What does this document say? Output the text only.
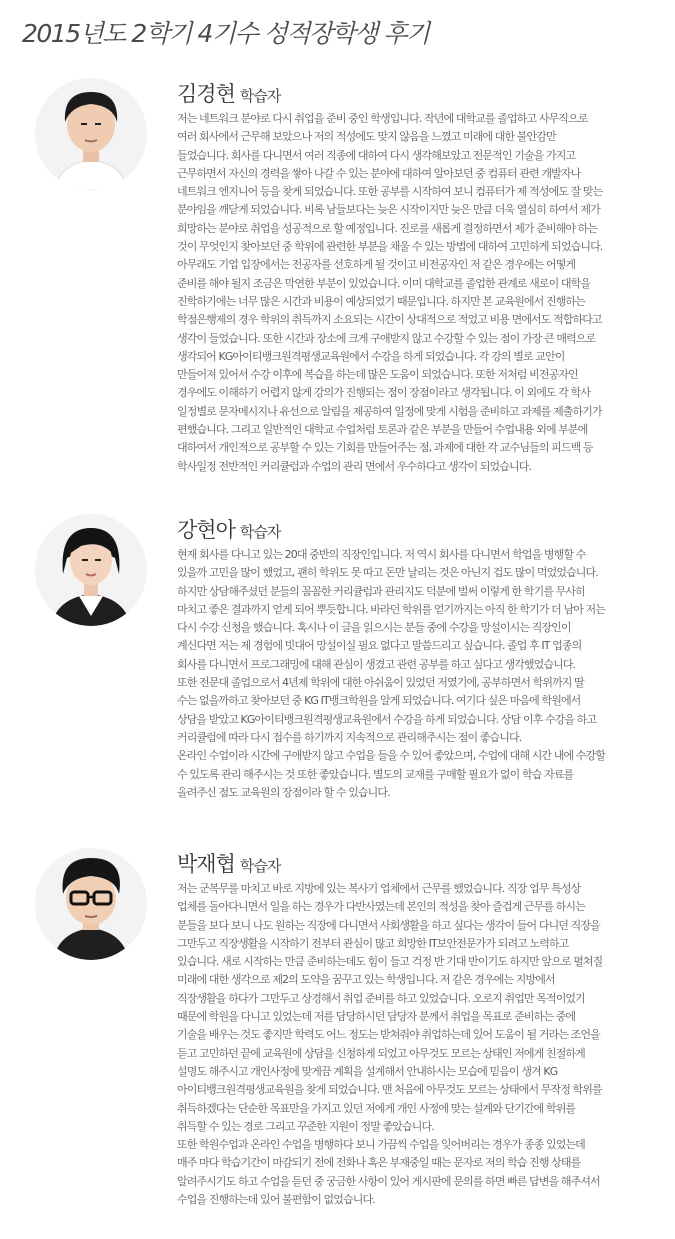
2015년도 2학기 4기수 성적장학생 후기
김경현 학습자

저는 네트워크 분야로 다시 취업을 준비 중인 학생입니다. 작년에 대학교를 졸업하고 사무직으로
여러 회사에서 근무해 보았으나 저의 적성에도 맞지 않음을 느꼈고 미래에 대한 불안감만
들었습니다. 회사를 다니면서 여러 직종에 대하여 다시 생각해보았고 전문적인 기술을 가지고
근무하면서 자신의 경력을 쌓아 나갈 수 있는 분야에 대하여 알아보던 중 컴퓨터 관련 개발자나
네트워크 엔지니어 등을 찾게 되었습니다. 또한 공부를 시작하여 보니 컴퓨터가 제 적성에도 잘 맞는
분야임을 깨닫게 되었습니다. 비록 남들보다는 늦은 시작이지만 늦은 만큼 더욱 열심히 하여서 제가
희망하는 분야로 취업을 성공적으로 할 예정입니다. 진로를 새롭게 결정하면서 제가 준비해야 하는
것이 무엇인지 찾아보던 중 학위에 관련한 부분을 채울 수 있는 방법에 대하여 고민하게 되었습니다.
아무래도 기업 입장에서는 전공자를 선호하게 될 것이고 비전공자인 저 같은 경우에는 어떻게
준비를 해야 될지 조금은 막연한 부분이 있었습니다. 이미 대학교를 졸업한 관계로 새로이 대학을
진학하기에는 너무 많은 시간과 비용이 예상되었기 때문입니다. 하지만 본 교육원에서 진행하는
학점은행제의 경우 학위의 취득까지 소요되는 시간이 상대적으로 적었고 비용 면에서도 적합하다고
생각이 들었습니다. 또한 시간과 장소에 크게 구애받지 않고 수강할 수 있는 점이 가장 큰 매력으로
생각되어 KG아이티뱅크원격평생교육원에서 수강을 하게 되었습니다. 각 강의 별로 교안이
만들어져 있어서 수강 이후에 복습을 하는데 많은 도움이 되었습니다. 또한 저처럼 비전공자인
경우에도 이해하기 어렵지 않게 강의가 진행되는 점이 장점이라고 생각됩니다. 이 외에도 각 학사
일정별로 문자메시지나 유선으로 알림을 제공하여 일정에 맞게 시험을 준비하고 과제를 제출하기가
편했습니다. 그리고 일반적인 대학교 수업처럼 토론과 같은 부분을 만들어 수업내용 외에 부분에
대하여서 개인적으로 공부할 수 있는 기회를 만들어주는 점, 과제에 대한 각 교수님들의 피드백 등
학사일정 전반적인 커리큘럼과 수업의 관리 면에서 우수하다고 생각이 되었습니다.

강현아 학습자

현재 회사를 다니고 있는 20대 중반의 직장인입니다. 저 역시 회사를 다니면서 학업을 병행할 수
있을까 고민을 많이 했었고, 괜히 학위도 못 따고 돈만 날리는 것은 아닌지 겁도 많이 먹었었습니다.
하지만 상담해주셨던 분들의 꼼꼼한 커리큘럼과 관리지도 덕분에 벌써 이렇게 한 학기를 무사히
마치고 좋은 결과까지 얻게 되어 뿌듯합니다. 바라던 학위를 얻기까지는 아직 한 학기가 더 남아 저는
다시 수강 신청을 했습니다. 혹시나 이 글을 읽으시는 분들 중에 수강을 망설이시는 직장인이
계신다면 저는 제 경험에 빗대어 망설이실 필요 없다고 말씀드리고 싶습니다. 졸업 후 IT 업종의
회사를 다니면서 프로그래밍에 대해 관심이 생겼고 관련 공부를 하고 싶다고 생각했었습니다.
또한 전문대 졸업으로서 4년제 학위에 대한 아쉬움이 있었던 저였기에, 공부하면서 학위까지 딸
수는 없을까하고 찾아보던 중 KG IT뱅크학원을 알게 되었습니다. 여기다 싶은 마음에 학원에서
상담을 받았고 KG아이티뱅크원격평생교육원에서 수강을 하게 되었습니다. 상담 이후 수강을 하고
커리큘럼에 따라 다시 접수를 하기까지 지속적으로 관리해주시는 점이 좋습니다.
온라인 수업이라 시간에 구애받지 않고 수업을 들을 수 있어 좋았으며, 수업에 대해 시간 내에 수강할
수 있도록 관리 해주시는 것 또한 좋았습니다. 별도의 교재를 구매할 필요가 없이 학습 자료를
올려주신 점도 교육원의 장점이라 할 수 있습니다.

박재협 학습자

저는 군복무를 마치고 바로 지방에 있는 복사기 업체에서 근무를 했었습니다. 직장 업무 특성상
업체를 돌아다니면서 일을 하는 경우가 다반사였는데 본인의 적성을 찾아 즐겁게 근무를 하시는
분들을 보다 보니 나도 원하는 직장에 다니면서 사회생활을 하고 싶다는 생각이 들어 다니던 직장을
그만두고 직장생활을 시작하기 전부터 관심이 많고 희망한 IT보안전문가가 되려고 노력하고
있습니다. 새로 시작하는 만큼 준비하는데도 힘이 들고 걱정 반 기대 반이기도 하지만 앞으로 펼쳐질
미래에 대한 생각으로 제2의 도약을 꿈꾸고 있는 학생입니다. 저 같은 경우에는 지방에서
직장생활을 하다가 그만두고 상경해서 취업 준비를 하고 있었습니다. 오로지 취업만 목적이었기
때문에 학원을 다니고 있었는데 저를 담당하시던 담당자 분께서 취업을 목표로 준비하는 중에
기술을 배우는 것도 좋지만 학력도 어느 정도는 받쳐줘야 취업하는데 있어 도움이 될 거라는 조언을
듣고 고민하던 끝에 교육원에 상담을 신청하게 되었고 아무것도 모르는 상태인 저에게 친절하게
설명도 해주시고 개인사정에 맞게끔 계획을 설계해서 안내하시는 모습에 믿음이 생겨 KG
아이티뱅크원격평생교육원을 찾게 되었습니다. 맨 처음에 아무것도 모르는 상태에서 무작정 학위를
취득하겠다는 단순한 목표만을 가지고 있던 저에게 개인 사정에 맞는 설계와 단기간에 학위를
취득할 수 있는 경로 그리고 꾸준한 지원이 정말 좋았습니다.
또한 학원수업과 온라인 수업을 병행하다 보니 가끔씩 수업을 잊어버리는 경우가 종종 있었는데
매주 마다 학습기간이 마감되기 전에 전화나 혹은 부재중일 때는 문자로 저의 학습 진행 상태를
알려주시기도 하고 수업을 듣던 중 궁금한 사항이 있어 게시판에 문의를 하면 빠른 답변을 해주셔서
수업을 진행하는데 있어 불편함이 없었습니다.
